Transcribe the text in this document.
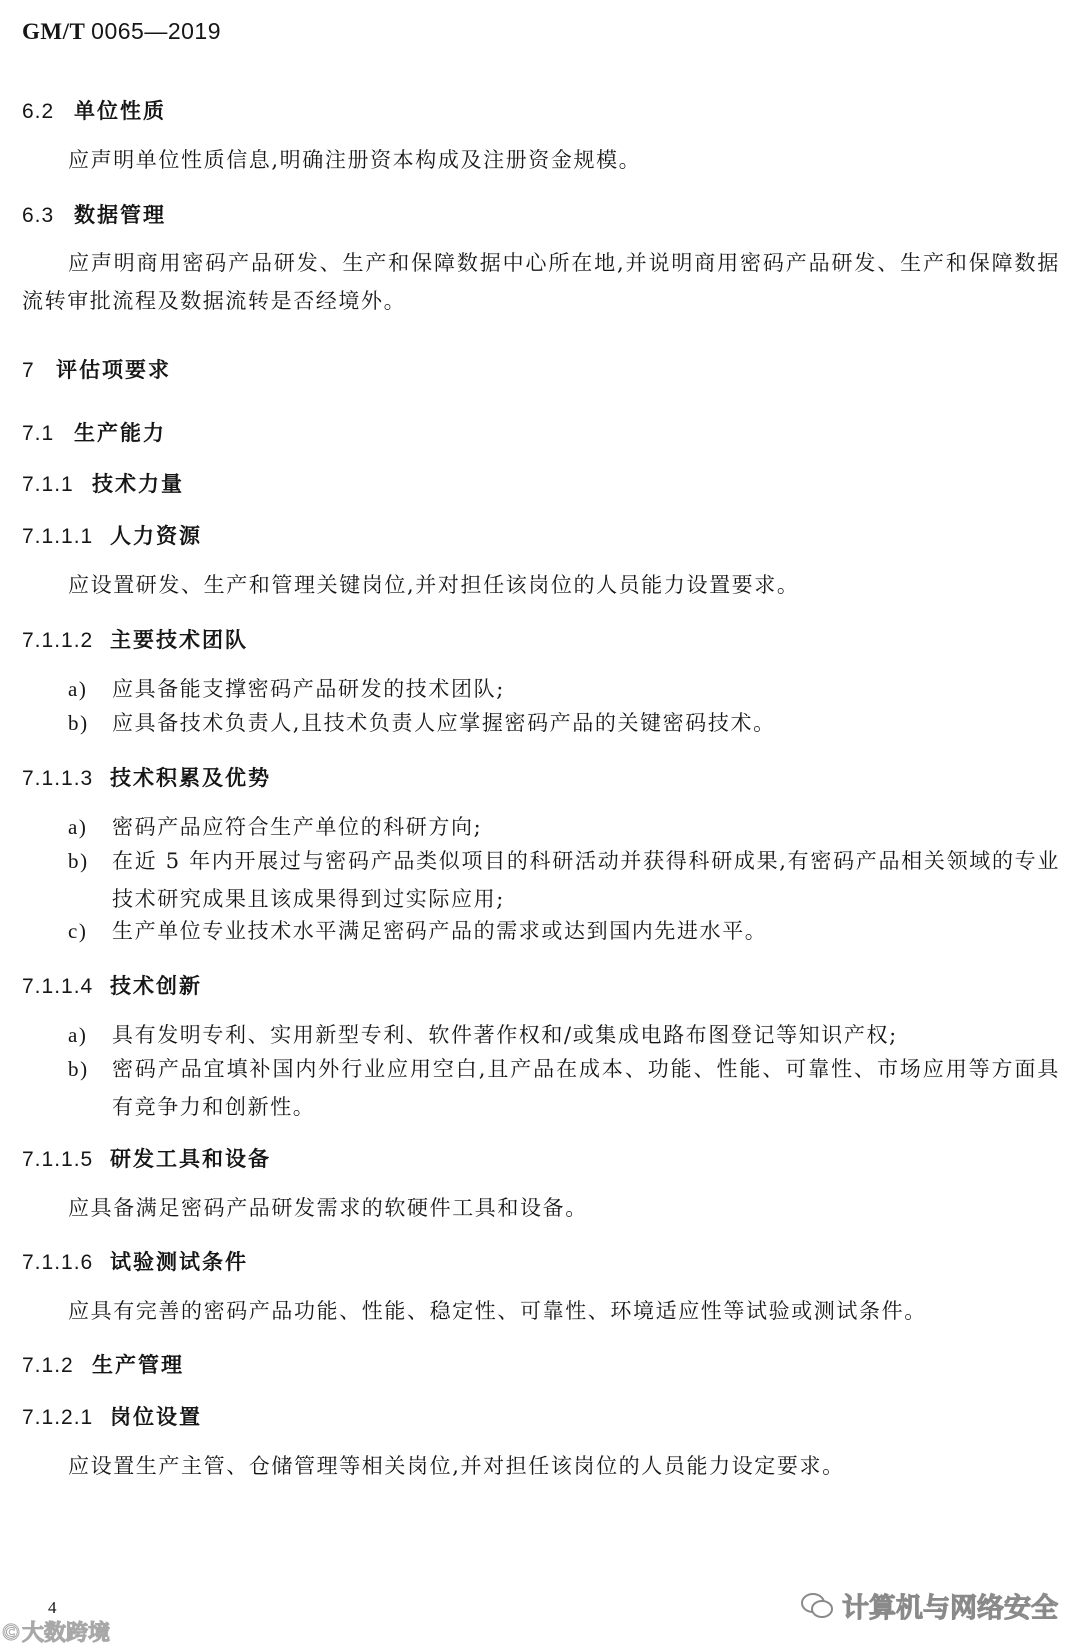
GM/T 0065—2019
6.2 单位性质
应声明单位性质信息,明确注册资本构成及注册资金规模。
6.3 数据管理
应声明商用密码产品研发、生产和保障数据中心所在地,并说明商用密码产品研发、生产和保障数据流转审批流程及数据流转是否经境外。
7 评估项要求
7.1 生产能力
7.1.1 技术力量
7.1.1.1 人力资源
应设置研发、生产和管理关键岗位,并对担任该岗位的人员能力设置要求。
7.1.1.2 主要技术团队
a) 应具备能支撑密码产品研发的技术团队;
b) 应具备技术负责人,且技术负责人应掌握密码产品的关键密码技术。
7.1.1.3 技术积累及优势
a) 密码产品应符合生产单位的科研方向;
b) 在近 5 年内开展过与密码产品类似项目的科研活动并获得科研成果,有密码产品相关领域的专业技术研究成果且该成果得到过实际应用;
c) 生产单位专业技术水平满足密码产品的需求或达到国内先进水平。
7.1.1.4 技术创新
a) 具有发明专利、实用新型专利、软件著作权和/或集成电路布图登记等知识产权;
b) 密码产品宜填补国内外行业应用空白,且产品在成本、功能、性能、可靠性、市场应用等方面具有竞争力和创新性。
7.1.1.5 研发工具和设备
应具备满足密码产品研发需求的软硬件工具和设备。
7.1.1.6 试验测试条件
应具有完善的密码产品功能、性能、稳定性、可靠性、环境适应性等试验或测试条件。
7.1.2 生产管理
7.1.2.1 岗位设置
应设置生产主管、仓储管理等相关岗位,并对担任该岗位的人员能力设定要求。
4
©大数跨境
计算机与网络安全
